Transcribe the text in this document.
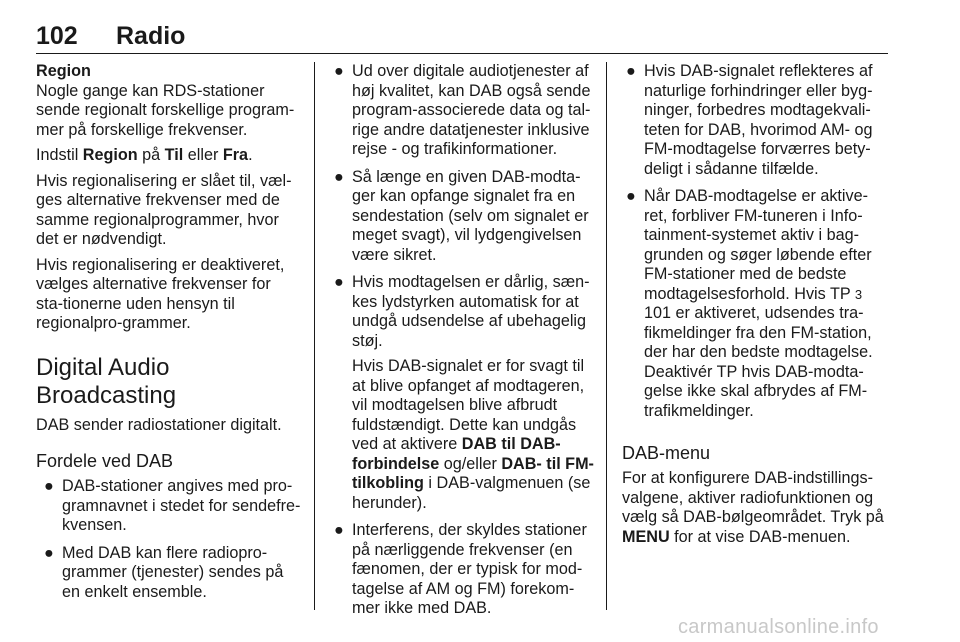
102 Radio

Region

Nogle gange kan RDS-stationer sende regionalt forskellige program-mer på forskellige frekvenser.

Indstil Region på Til eller Fra.

Hvis regionalisering er slået til, væl-ges alternative frekvenser med de samme regionalprogrammer, hvor det er nødvendigt.

Hvis regionalisering er deaktiveret, vælges alternative frekvenser for sta-tionerne uden hensyn til regionalpro-grammer.

Digital Audio Broadcasting

DAB sender radiostationer digitalt.

Fordele ved DAB
● DAB-stationer angives med pro-gramnavnet i stedet for sendefre-kvensen.
● Med DAB kan flere radiopro-grammer (tjenester) sendes på en enkelt ensemble.
● Ud over digitale audiotjenester af høj kvalitet, kan DAB også sende program-associerede data og tal-rige andre datatjenester inklusive rejse - og trafikinformationer.
● Så længe en given DAB-modta-ger kan opfange signalet fra en sendestation (selv om signalet er meget svagt), vil lydgengivelsen være sikret.
● Hvis modtagelsen er dårlig, sæn-kes lydstyrken automatisk for at undgå udsendelse af ubehagelig støj.

Hvis DAB-signalet er for svagt til at blive opfanget af modtageren, vil modtagelsen blive afbrudt fuldstændigt. Dette kan undgås ved at aktivere DAB til DAB-forbindelse og/eller DAB- til FM-tilkobling i DAB-valgmenuen (se herunder).

● Interferens, der skyldes stationer på nærliggende frekvenser (en fænomen, der er typisk for mod-tagelse af AM og FM) forekom-mer ikke med DAB.
● Hvis DAB-signalet reflekteres af naturlige forhindringer eller byg-ninger, forbedres modtagekvali-teten for DAB, hvorimod AM- og FM-modtagelse forværres bety-deligt i sådanne tilfælde.
● Når DAB-modtagelse er aktive-ret, forbliver FM-tuneren i Info-tainment-systemet aktiv i bag-grunden og søger løbende efter FM-stationer med de bedste modtagelsesforhold. Hvis TP 3 101 er aktiveret, udsendes tra-fikmeldinger fra den FM-station, der har den bedste modtagelse. Deaktivér TP hvis DAB-modta-gelse ikke skal afbrydes af FM-trafikmeldinger.
DAB-menu

For at konfigurere DAB-indstillings-valgene, aktiver radiofunktionen og vælg så DAB-bølgeområdet. Tryk på MENU for at vise DAB-menuen.

carmanualsonline.info
